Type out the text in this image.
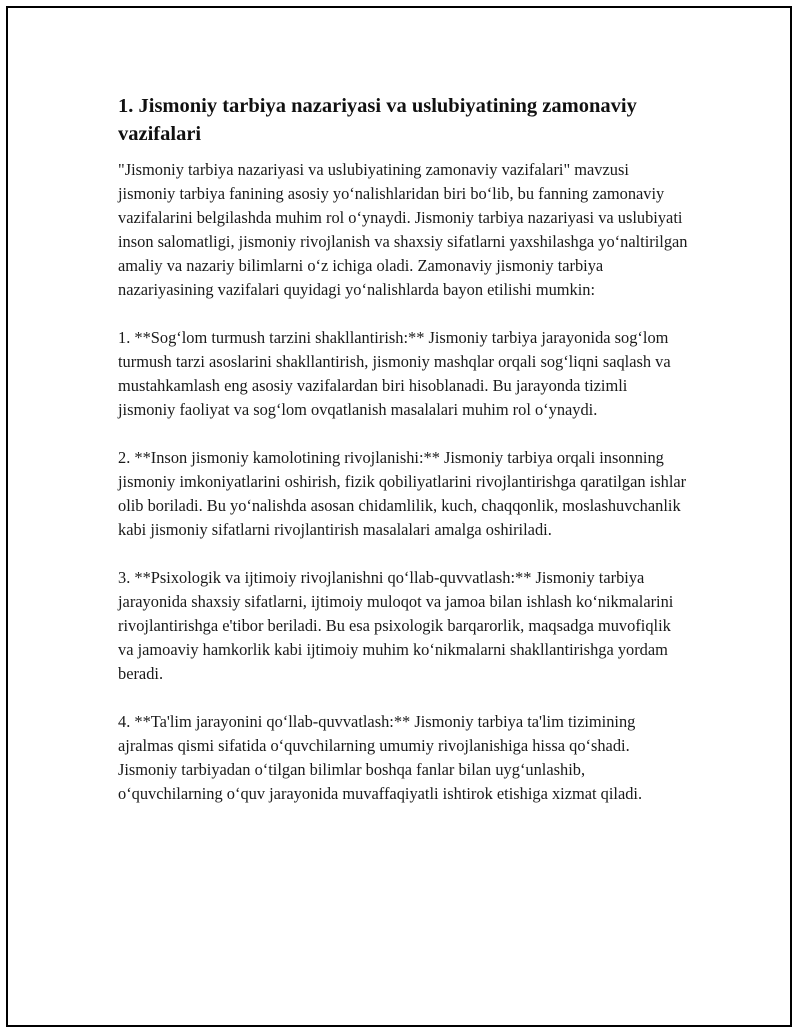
1. Jismoniy tarbiya nazariyasi va uslubiyatining zamonaviy vazifalari

"Jismoniy tarbiya nazariyasi va uslubiyatining zamonaviy vazifalari" mavzusi jismoniy tarbiya fanining asosiy yo‘nalishlaridan biri bo‘lib, bu fanning zamonaviy vazifalarini belgilashda muhim rol o‘ynaydi. Jismoniy tarbiya nazariyasi va uslubiyati inson salomatligi, jismoniy rivojlanish va shaxsiy sifatlarni yaxshilashga yo‘naltirilgan amaliy va nazariy bilimlarni o‘z ichiga oladi. Zamonaviy jismoniy tarbiya nazariyasining vazifalari quyidagi yo‘nalishlarda bayon etilishi mumkin:

1. **Sog‘lom turmush tarzini shakllantirish:** Jismoniy tarbiya jarayonida sog‘lom turmush tarzi asoslarini shakllantirish, jismoniy mashqlar orqali sog‘liqni saqlash va mustahkamlash eng asosiy vazifalardan biri hisoblanadi. Bu jarayonda tizimli jismoniy faoliyat va sog‘lom ovqatlanish masalalari muhim rol o‘ynaydi.

2. **Inson jismoniy kamolotining rivojlanishi:** Jismoniy tarbiya orqali insonning jismoniy imkoniyatlarini oshirish, fizik qobiliyatlarini rivojlantirishga qaratilgan ishlar olib boriladi. Bu yo‘nalishda asosan chidamlilik, kuch, chaqqonlik, moslashuvchanlik kabi jismoniy sifatlarni rivojlantirish masalalari amalga oshiriladi.

3. **Psixologik va ijtimoiy rivojlanishni qo‘llab-quvvatlash:** Jismoniy tarbiya jarayonida shaxsiy sifatlarni, ijtimoiy muloqot va jamoa bilan ishlash ko‘nikmalarini rivojlantirishga e'tibor beriladi. Bu esa psixologik barqarorlik, maqsadga muvofiqlik va jamoaviy hamkorlik kabi ijtimoiy muhim ko‘nikmalarni shakllantirishga yordam beradi.

4. **Ta'lim jarayonini qo‘llab-quvvatlash:** Jismoniy tarbiya ta'lim tizimining ajralmas qismi sifatida o‘quvchilarning umumiy rivojlanishiga hissa qo‘shadi. Jismoniy tarbiyadan o‘tilgan bilimlar boshqa fanlar bilan uyg‘unlashib, o‘quvchilarning o‘quv jarayonida muvaffaqiyatli ishtirok etishiga xizmat qiladi.
